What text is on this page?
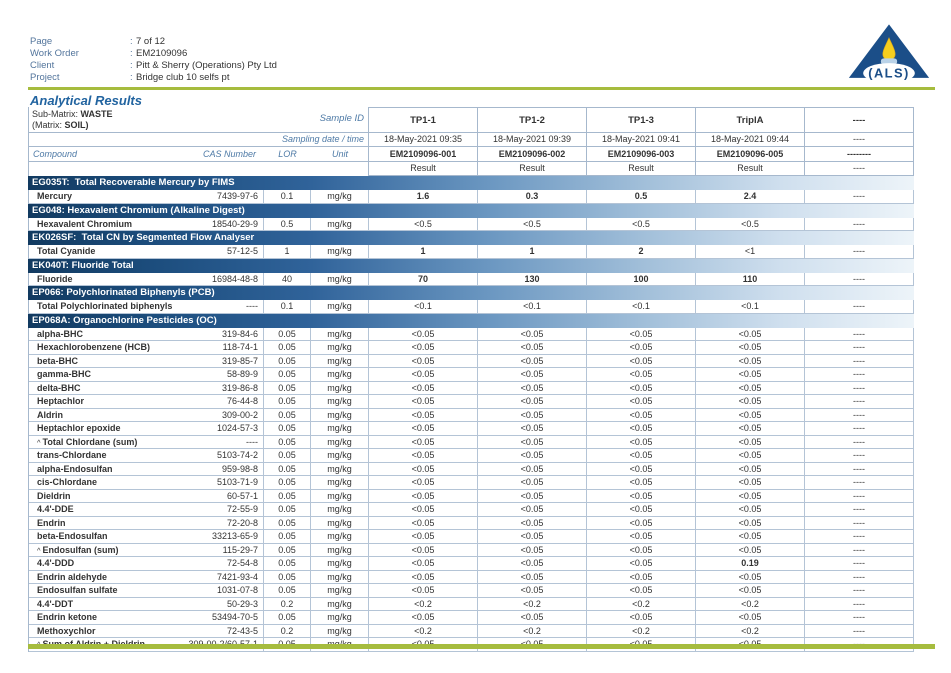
Page	: 7 of 12
Work Order	: EM2109096
Client	: Pitt & Sherry (Operations) Pty Ltd
Project	: Bridge club 10 selfs pt	(ALS)
Analytical Results
Sub-Matrix: WASTE
(Matrix: SOIL)
Sample ID	TP1-1	TP1-2	TP1-3	TriplA	----
Sampling date / time	18-May-2021 09:35	18-May-2021 09:39	18-May-2021 09:41	18-May-2021 09:44	----
Compound	CAS Number	LOR	Unit	EM2109096-001	EM2109096-002	EM2109096-003	EM2109096-005	--------
Result	Result	Result	Result	----
EG035T:  Total Recoverable Mercury by FIMS
Mercury	7439-97-6	0.1	mg/kg	1.6	0.3	0.5	2.4	----
EG048: Hexavalent Chromium (Alkaline Digest)
Hexavalent Chromium	18540-29-9	0.5	mg/kg	<0.5	<0.5	<0.5	<0.5	----
EK026SF:  Total CN by Segmented Flow Analyser
Total Cyanide	57-12-5	1	mg/kg	1	1	2	<1	----
EK040T: Fluoride Total
Fluoride	16984-48-8	40	mg/kg	70	130	100	110	----
EP066: Polychlorinated Biphenyls (PCB)
Total Polychlorinated biphenyls	----	0.1	mg/kg	<0.1	<0.1	<0.1	<0.1	----
EP068A: Organochlorine Pesticides (OC)
alpha-BHC	319-84-6	0.05	mg/kg	<0.05	<0.05	<0.05	<0.05	----
Hexachlorobenzene (HCB)	118-74-1	0.05	mg/kg	<0.05	<0.05	<0.05	<0.05	----
beta-BHC	319-85-7	0.05	mg/kg	<0.05	<0.05	<0.05	<0.05	----
gamma-BHC	58-89-9	0.05	mg/kg	<0.05	<0.05	<0.05	<0.05	----
delta-BHC	319-86-8	0.05	mg/kg	<0.05	<0.05	<0.05	<0.05	----
Heptachlor	76-44-8	0.05	mg/kg	<0.05	<0.05	<0.05	<0.05	----
Aldrin	309-00-2	0.05	mg/kg	<0.05	<0.05	<0.05	<0.05	----
Heptachlor epoxide	1024-57-3	0.05	mg/kg	<0.05	<0.05	<0.05	<0.05	----
^ Total Chlordane (sum)	----	0.05	mg/kg	<0.05	<0.05	<0.05	<0.05	----
trans-Chlordane	5103-74-2	0.05	mg/kg	<0.05	<0.05	<0.05	<0.05	----
alpha-Endosulfan	959-98-8	0.05	mg/kg	<0.05	<0.05	<0.05	<0.05	----
cis-Chlordane	5103-71-9	0.05	mg/kg	<0.05	<0.05	<0.05	<0.05	----
Dieldrin	60-57-1	0.05	mg/kg	<0.05	<0.05	<0.05	<0.05	----
4.4'-DDE	72-55-9	0.05	mg/kg	<0.05	<0.05	<0.05	<0.05	----
Endrin	72-20-8	0.05	mg/kg	<0.05	<0.05	<0.05	<0.05	----
beta-Endosulfan	33213-65-9	0.05	mg/kg	<0.05	<0.05	<0.05	<0.05	----
^ Endosulfan (sum)	115-29-7	0.05	mg/kg	<0.05	<0.05	<0.05	<0.05	----
4.4'-DDD	72-54-8	0.05	mg/kg	<0.05	<0.05	<0.05	0.19	----
Endrin aldehyde	7421-93-4	0.05	mg/kg	<0.05	<0.05	<0.05	<0.05	----
Endosulfan sulfate	1031-07-8	0.05	mg/kg	<0.05	<0.05	<0.05	<0.05	----
4.4'-DDT	50-29-3	0.2	mg/kg	<0.2	<0.2	<0.2	<0.2	----
Endrin ketone	53494-70-5	0.05	mg/kg	<0.05	<0.05	<0.05	<0.05	----
Methoxychlor	72-43-5	0.2	mg/kg	<0.2	<0.2	<0.2	<0.2	----
